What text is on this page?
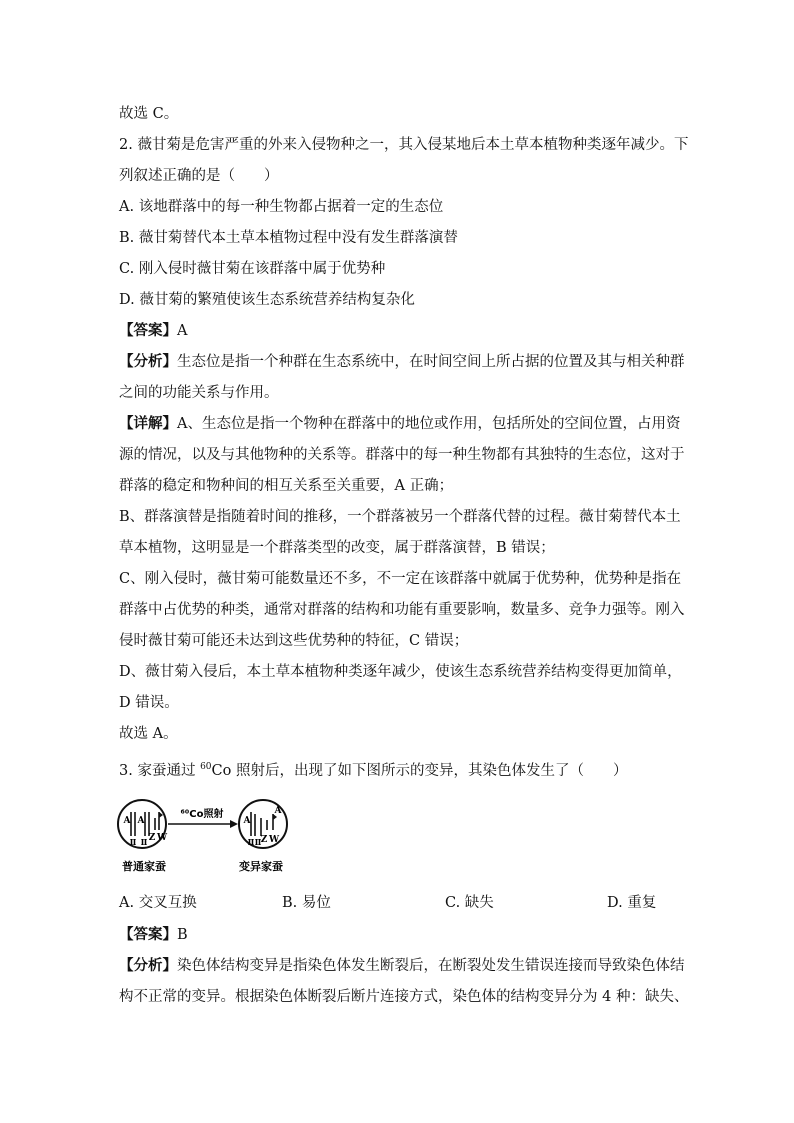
故选 C。
2. 薇甘菊是危害严重的外来入侵物种之一，其入侵某地后本土草本植物种类逐年减少。下
列叙述正确的是（　　）
A. 该地群落中的每一种生物都占据着一定的生态位
B. 薇甘菊替代本土草本植物过程中没有发生群落演替
C. 刚入侵时薇甘菊在该群落中属于优势种
D. 薇甘菊的繁殖使该生态系统营养结构复杂化
【答案】A
【分析】生态位是指一个种群在生态系统中，在时间空间上所占据的位置及其与相关种群
之间的功能关系与作用。
【详解】A、生态位是指一个物种在群落中的地位或作用，包括所处的空间位置，占用资
源的情况，以及与其他物种的关系等。群落中的每一种生物都有其独特的生态位，这对于
群落的稳定和物种间的相互关系至关重要，A 正确；
B、群落演替是指随着时间的推移，一个群落被另一个群落代替的过程。薇甘菊替代本土
草本植物，这明显是一个群落类型的改变，属于群落演替，B 错误；
C、刚入侵时，薇甘菊可能数量还不多，不一定在该群落中就属于优势种，优势种是指在
群落中占优势的种类，通常对群落的结构和功能有重要影响，数量多、竞争力强等。刚入
侵时薇甘菊可能还未达到这些优势种的特征，C 错误；
D、薇甘菊入侵后，本土草本植物种类逐年减少，使该生态系统营养结构变得更加简单，
D 错误。
故选 A。
3. 家蚕通过 $^{60}$Co 照射后，出现了如下图所示的变异，其染色体发生了（　　）
⁶⁰Co照射
A A
Z W
Ⅱ Ⅱ
A
A
Z W
Ⅱ Ⅱ
普通家蚕	变异家蚕
A. 交叉互换	B. 易位	C. 缺失	D. 重复
【答案】B
【分析】染色体结构变异是指染色体发生断裂后，在断裂处发生错误连接而导致染色体结
构不正常的变异。根据染色体断裂后断片连接方式，染色体的结构变异分为 4 种：缺失、
